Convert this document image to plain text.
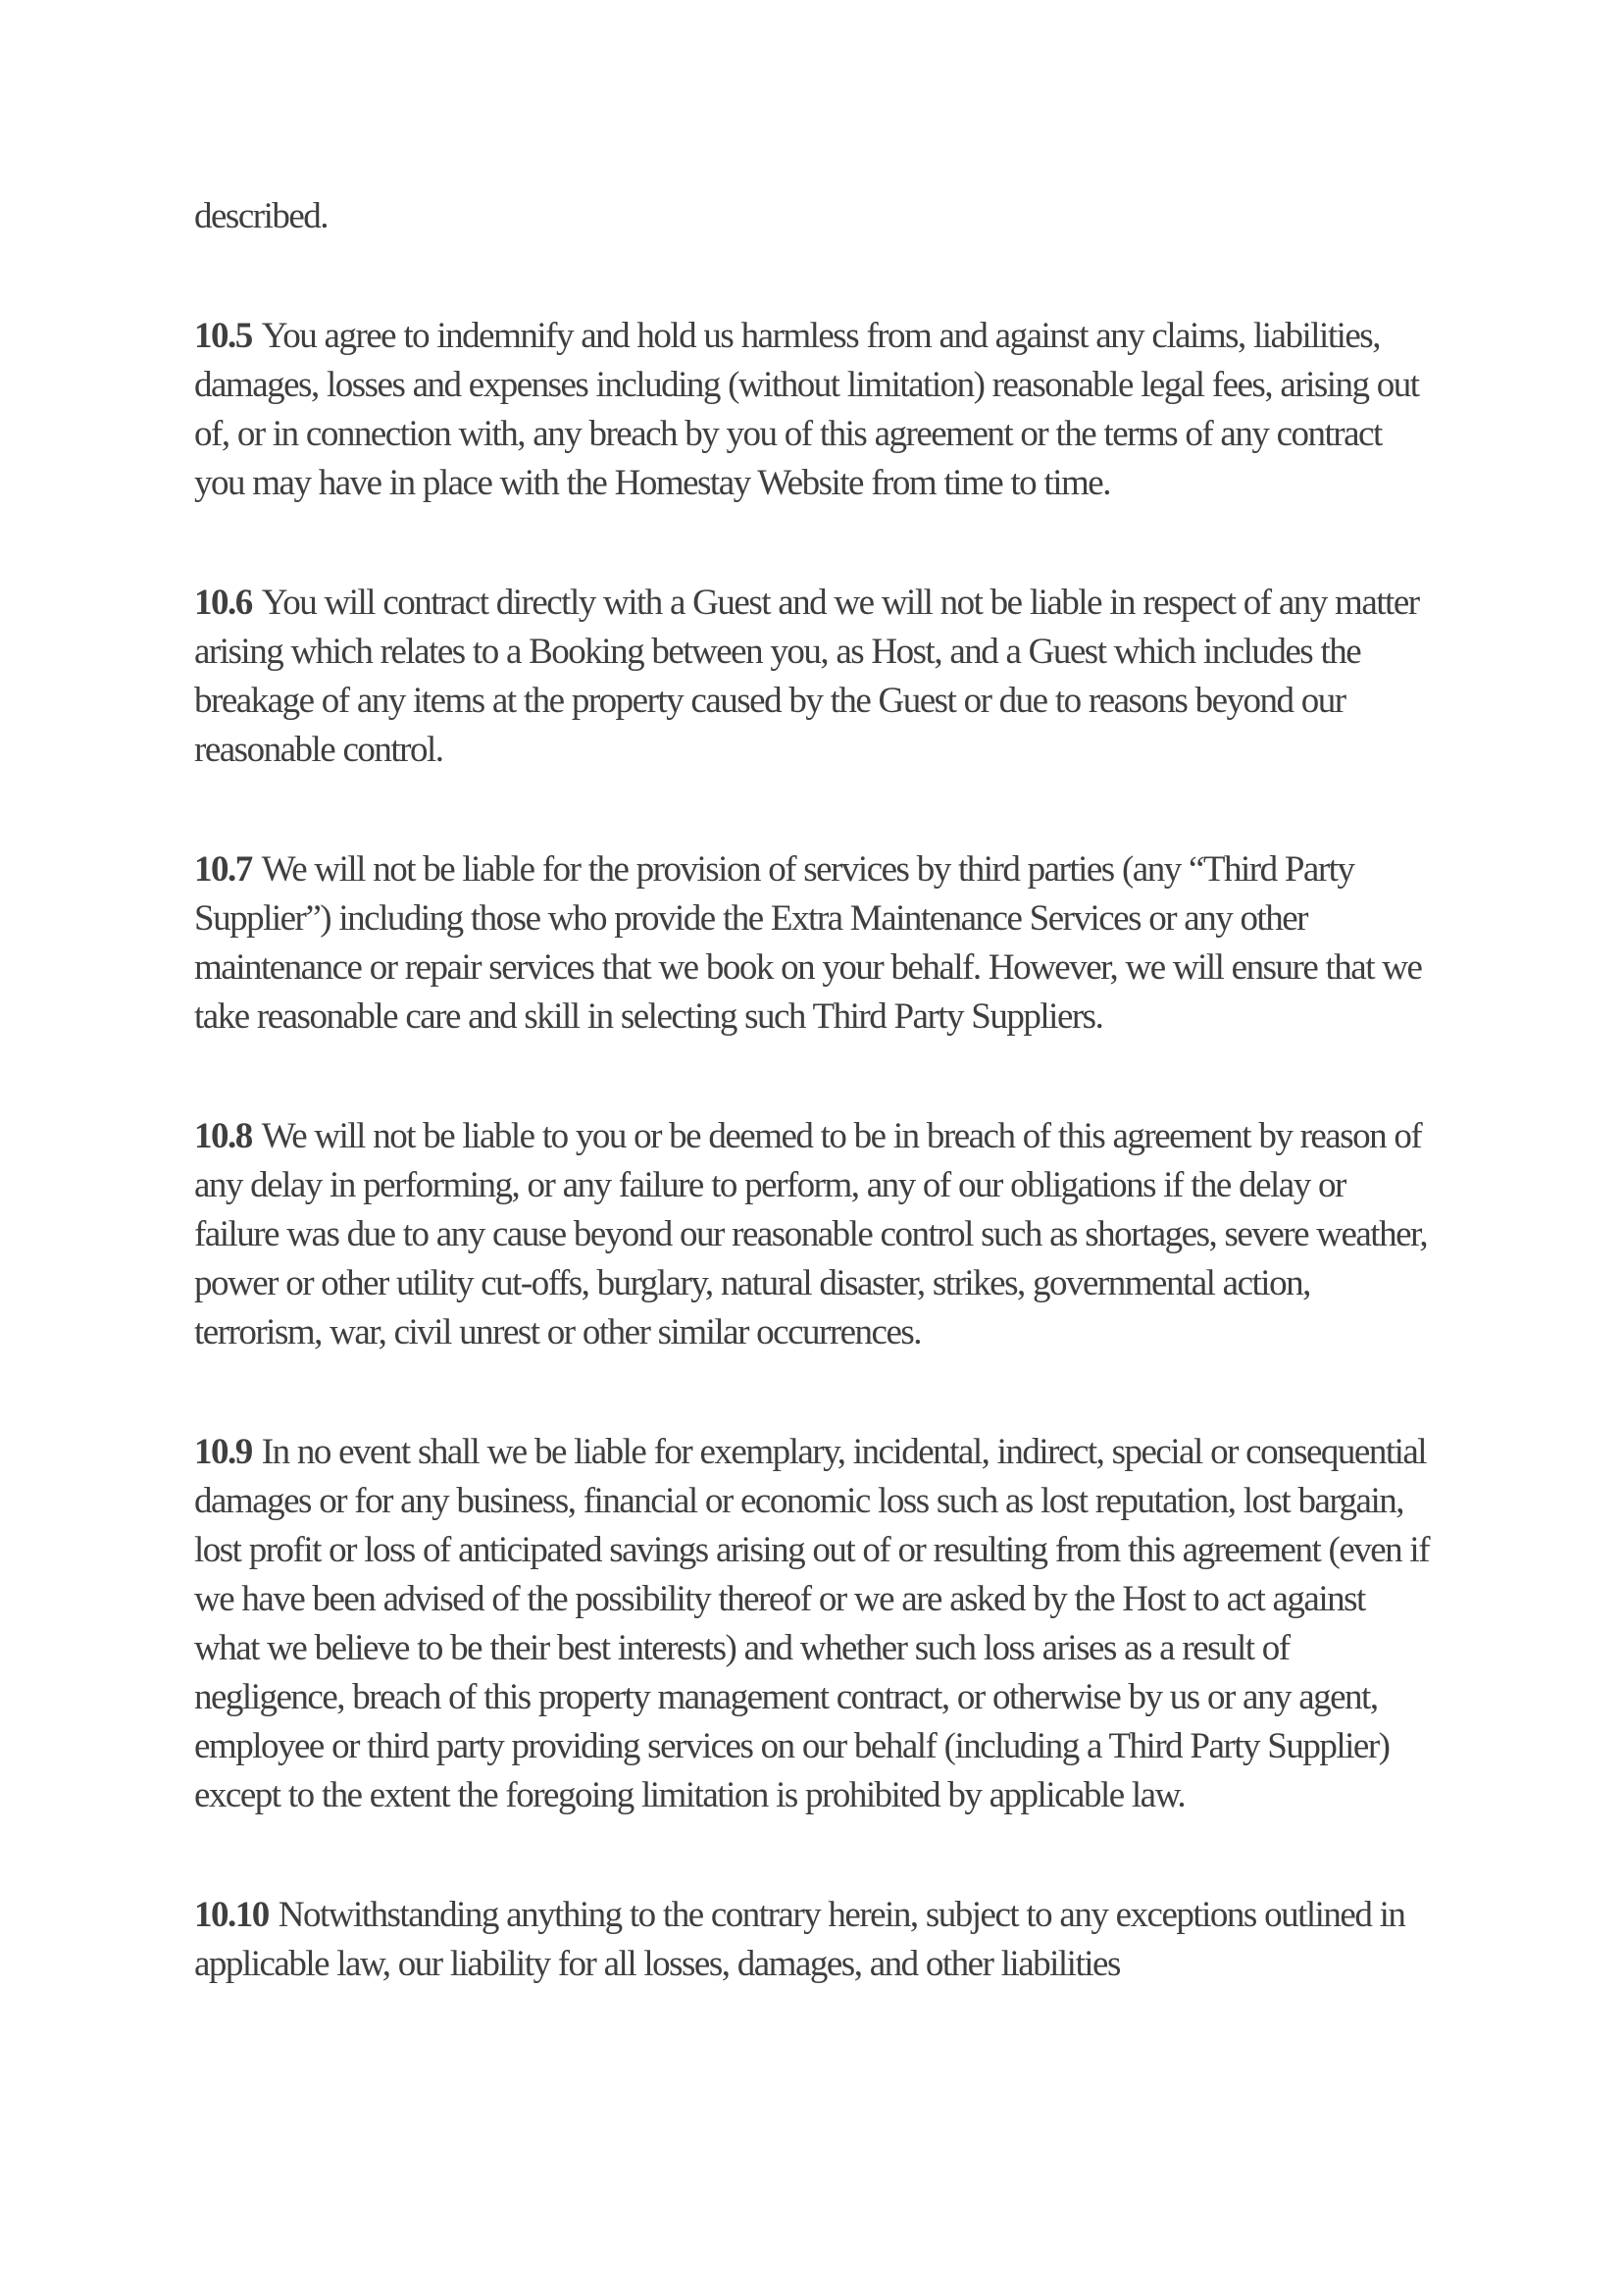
described.

10.5 You agree to indemnify and hold us harmless from and against any claims, liabilities, damages, losses and expenses including (without limitation) reasonable legal fees, arising out of, or in connection with, any breach by you of this agreement or the terms of any contract you may have in place with the Homestay Website from time to time.

10.6 You will contract directly with a Guest and we will not be liable in respect of any matter arising which relates to a Booking between you, as Host, and a Guest which includes the breakage of any items at the property caused by the Guest or due to reasons beyond our reasonable control.

10.7 We will not be liable for the provision of services by third parties (any “Third Party Supplier”) including those who provide the Extra Maintenance Services or any other maintenance or repair services that we book on your behalf. However, we will ensure that we take reasonable care and skill in selecting such Third Party Suppliers.

10.8 We will not be liable to you or be deemed to be in breach of this agreement by reason of any delay in performing, or any failure to perform, any of our obligations if the delay or failure was due to any cause beyond our reasonable control such as shortages, severe weather, power or other utility cut-offs, burglary, natural disaster, strikes, governmental action, terrorism, war, civil unrest or other similar occurrences.

10.9 In no event shall we be liable for exemplary, incidental, indirect, special or consequential damages or for any business, financial or economic loss such as lost reputation, lost bargain, lost profit or loss of anticipated savings arising out of or resulting from this agreement (even if we have been advised of the possibility thereof or we are asked by the Host to act against what we believe to be their best interests) and whether such loss arises as a result of negligence, breach of this property management contract, or otherwise by us or any agent, employee or third party providing services on our behalf (including a Third Party Supplier) except to the extent the foregoing limitation is prohibited by applicable law.

10.10 Notwithstanding anything to the contrary herein, subject to any exceptions outlined in applicable law, our liability for all losses, damages, and other liabilities
